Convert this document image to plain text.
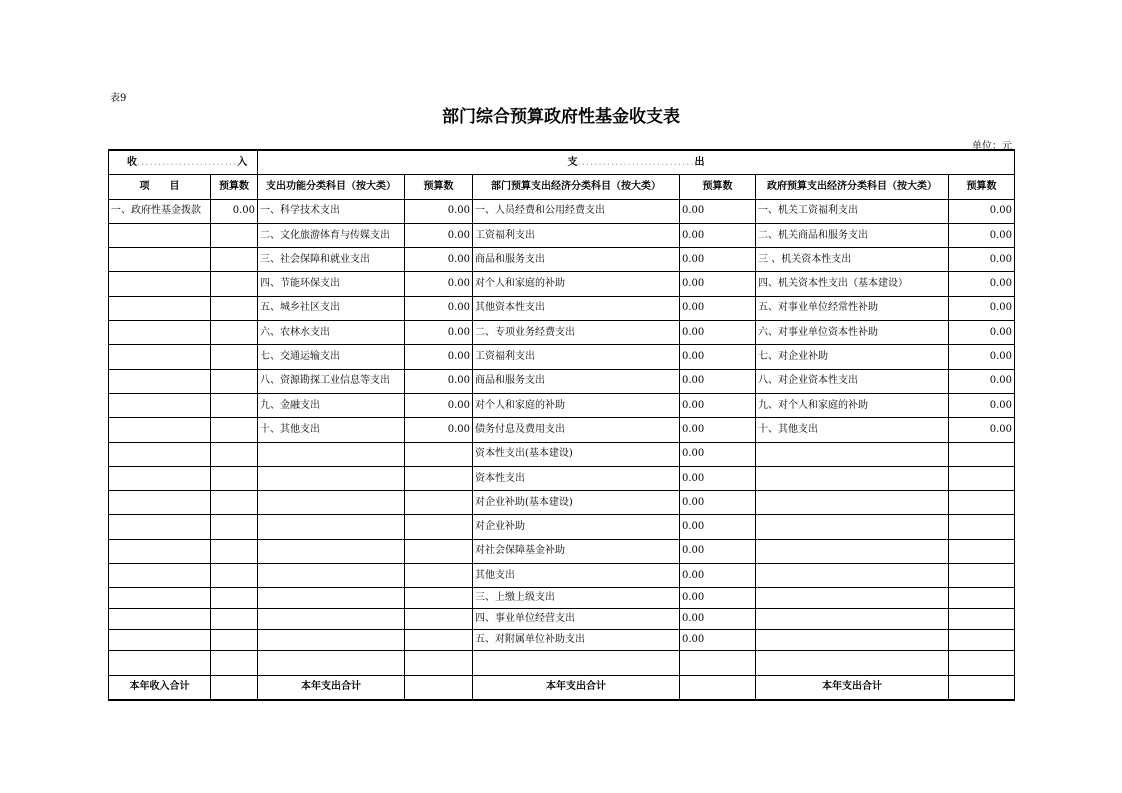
表9
部门综合预算政府性基金收支表
单位：元
收 ........................ 入		支 ............................ 出					

项　　目	预算数	支出功能分类科目（按大类）	预算数	部门预算支出经济分类科目（按大类）	预算数	政府预算支出经济分类科目（按大类）	预算数
一、政府性基金拨款	0.00	一、科学技术支出	0.00	一、人员经费和公用经费支出	0.00	一、机关工资福利支出	0.00
		二、文化旅游体育与传媒支出	0.00	工资福利支出	0.00	二、机关商品和服务支出	0.00
		三、社会保障和就业支出	0.00	商品和服务支出	0.00	三 、机关资本性支出	0.00
		四、节能环保支出	0.00	对个人和家庭的补助	0.00	四、机关资本性支出（基本建设）	0.00
		五、城乡社区支出	0.00	其他资本性支出	0.00	五、对事业单位经常性补助	0.00
		六、农林水支出	0.00	二、专项业务经费支出	0.00	六、对事业单位资本性补助	0.00
		七、交通运输支出	0.00	工资福利支出	0.00	七、对企业补助	0.00
		八、资源勘探工业信息等支出	0.00	商品和服务支出	0.00	八、对企业资本性支出	0.00
		九、金融支出	0.00	对个人和家庭的补助	0.00	九、对个人和家庭的补助	0.00
		十、其他支出	0.00	债务付息及费用支出	0.00	十、其他支出	0.00
				资本性支出(基本建设)	0.00		
				资本性支出	0.00		
				对企业补助(基本建设)	0.00		
				对企业补助	0.00		
				对社会保障基金补助	0.00		
				其他支出	0.00		
				三、上缴上级支出	0.00		
				四、事业单位经营支出	0.00		
				五、对附属单位补助支出	0.00		

本年收入合计		本年支出合计		本年支出合计		本年支出合计	
